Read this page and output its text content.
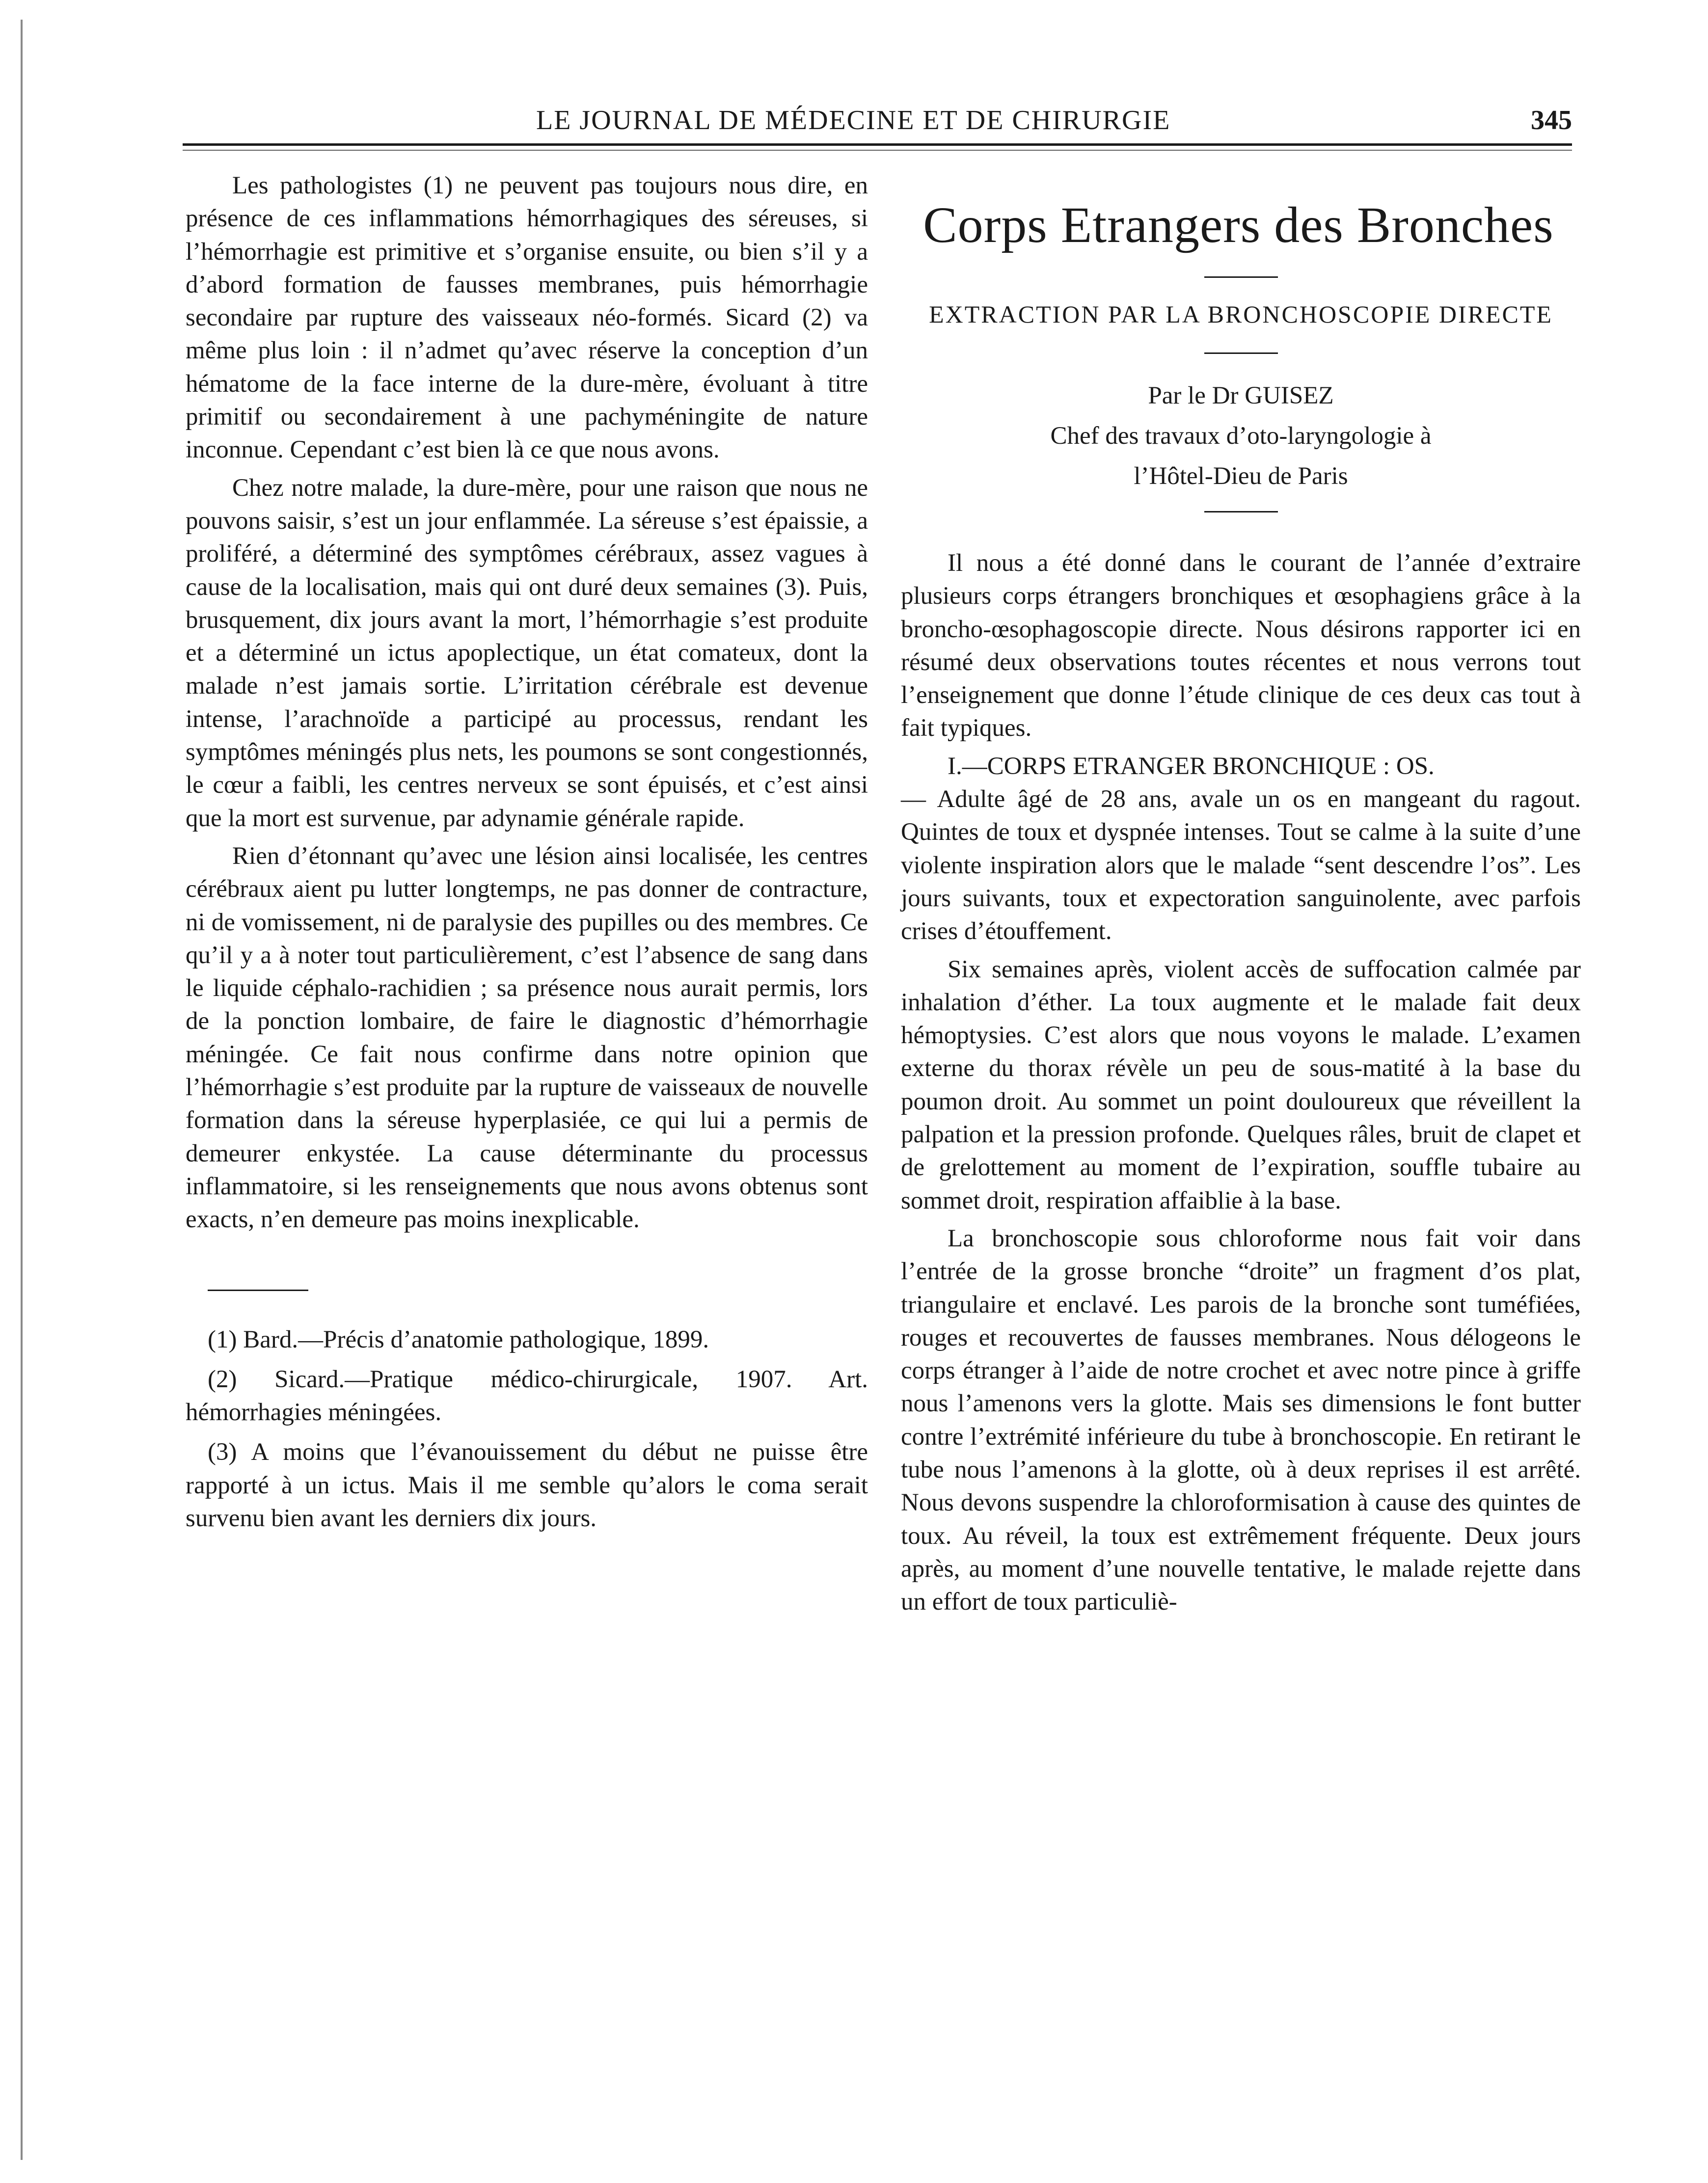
LE JOURNAL DE MÉDECINE ET DE CHIRURGIE	345

Les pathologistes (1) ne peuvent pas toujours nous dire, en présence de ces inflammations hémorrhagiques des séreuses, si l’hémorrhagie est primitive et s’organise ensuite, ou bien s’il y a d’abord formation de fausses membranes, puis hémorrhagie secondaire par rupture des vaisseaux néo-formés. Sicard (2) va même plus loin : il n’admet qu’avec réserve la conception d’un hématome de la face interne de la dure-mère, évoluant à titre primitif ou secondairement à une pachyméningite de nature inconnue. Cependant c’est bien là ce que nous avons.

Chez notre malade, la dure-mère, pour une raison que nous ne pouvons saisir, s’est un jour enflammée. La séreuse s’est épaissie, a proliféré, a déterminé des symptômes cérébraux, assez vagues à cause de la localisation, mais qui ont duré deux semaines (3). Puis, brusquement, dix jours avant la mort, l’hémorrhagie s’est produite et a déterminé un ictus apoplectique, un état comateux, dont la malade n’est jamais sortie. L’irritation cérébrale est devenue intense, l’arachnoïde a participé au processus, rendant les symptômes méningés plus nets, les poumons se sont congestionnés, le cœur a faibli, les centres nerveux se sont épuisés, et c’est ainsi que la mort est survenue, par adynamie générale rapide.

Rien d’étonnant qu’avec une lésion ainsi localisée, les centres cérébraux aient pu lutter longtemps, ne pas donner de contracture, ni de vomissement, ni de paralysie des pupilles ou des membres. Ce qu’il y a à noter tout particulièrement, c’est l’absence de sang dans le liquide céphalo-rachidien ; sa présence nous aurait permis, lors de la ponction lombaire, de faire le diagnostic d’hémorrhagie méningée. Ce fait nous confirme dans notre opinion que l’hémorrhagie s’est produite par la rupture de vaisseaux de nouvelle formation dans la séreuse hyperplasiée, ce qui lui a permis de demeurer enkystée. La cause déterminante du processus inflammatoire, si les renseignements que nous avons obtenus sont exacts, n’en demeure pas moins inexplicable.

(1) Bard.—Précis d’anatomie pathologique, 1899.

(2) Sicard.—Pratique médico-chirurgicale, 1907. Art. hémorrhagies méningées.

(3) A moins que l’évanouissement du début ne puisse être rapporté à un ictus. Mais il me semble qu’alors le coma serait survenu bien avant les derniers dix jours.

Corps Etrangers des Bronches
EXTRACTION PAR LA BRONCHOSCOPIE DIRECTE
Par le Dr GUISEZ
Chef des travaux d’oto-laryngologie à
l’Hôtel-Dieu de Paris

Il nous a été donné dans le courant de l’année d’extraire plusieurs corps étrangers bronchiques et œsophagiens grâce à la broncho-œsophagoscopie directe. Nous désirons rapporter ici en résumé deux observations toutes récentes et nous verrons tout l’enseignement que donne l’étude clinique de ces deux cas tout à fait typiques.

I.—CORPS ETRANGER BRONCHIQUE : OS.

— Adulte âgé de 28 ans, avale un os en mangeant du ragout. Quintes de toux et dyspnée intenses. Tout se calme à la suite d’une violente inspiration alors que le malade “sent descendre l’os”. Les jours suivants, toux et expectoration sanguinolente, avec parfois crises d’étouffement.

Six semaines après, violent accès de suffocation calmée par inhalation d’éther. La toux augmente et le malade fait deux hémoptysies. C’est alors que nous voyons le malade. L’examen externe du thorax révèle un peu de sous-matité à la base du poumon droit. Au sommet un point douloureux que réveillent la palpation et la pression profonde. Quelques râles, bruit de clapet et de grelottement au moment de l’expiration, souffle tubaire au sommet droit, respiration affaiblie à la base.

La bronchoscopie sous chloroforme nous fait voir dans l’entrée de la grosse bronche “droite” un fragment d’os plat, triangulaire et enclavé. Les parois de la bronche sont tuméfiées, rouges et recouvertes de fausses membranes. Nous délogeons le corps étranger à l’aide de notre crochet et avec notre pince à griffe nous l’amenons vers la glotte. Mais ses dimensions le font butter contre l’extrémité inférieure du tube à bronchoscopie. En retirant le tube nous l’amenons à la glotte, où à deux reprises il est arrêté. Nous devons suspendre la chloroformisation à cause des quintes de toux. Au réveil, la toux est extrêmement fréquente. Deux jours après, au moment d’une nouvelle tentative, le malade rejette dans un effort de toux particuliè-
